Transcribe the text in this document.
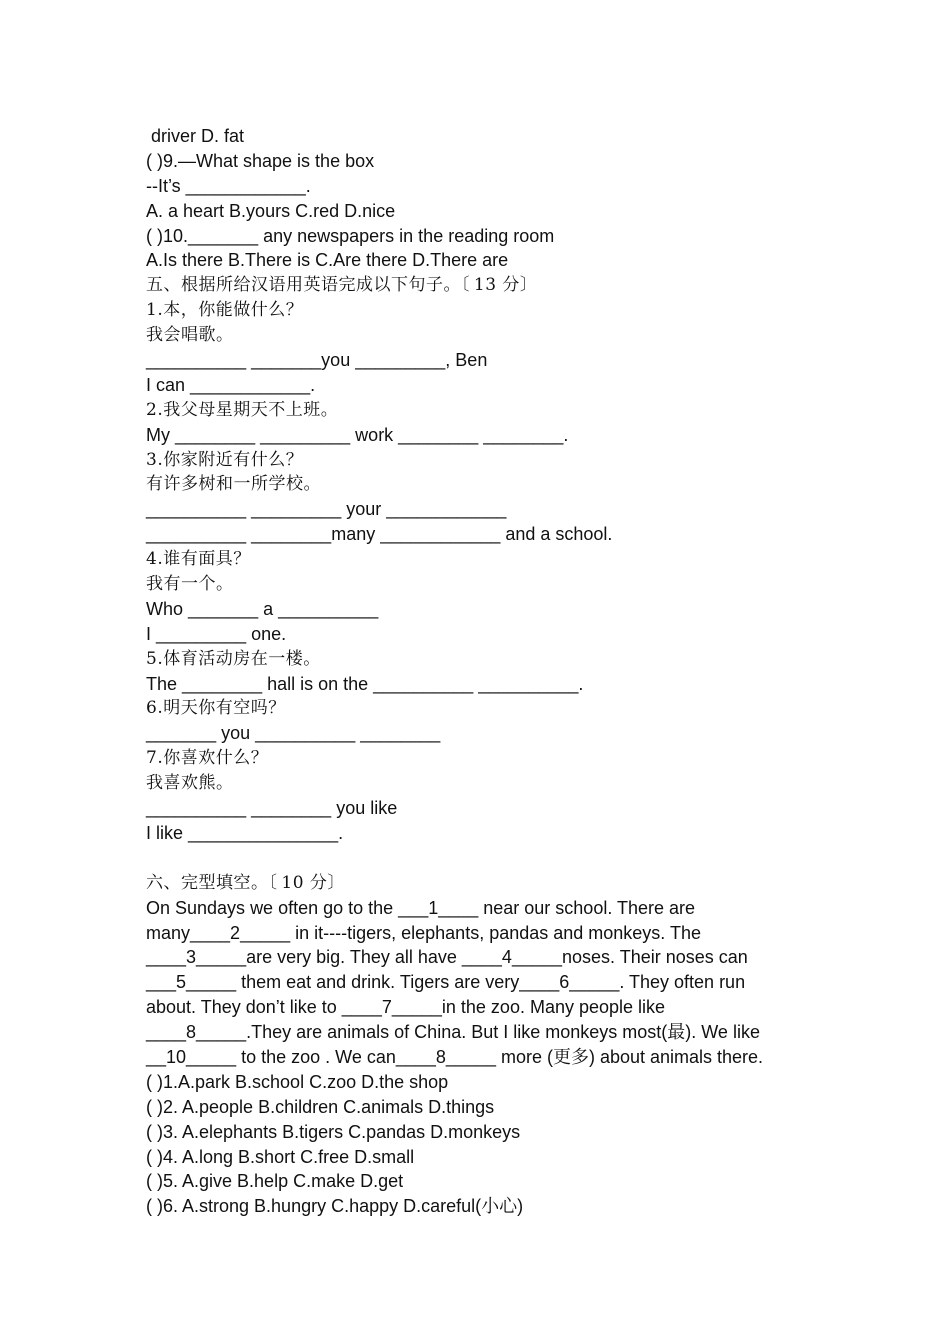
driver D. fat
( )9.—What shape is the box
--It’s ____________.
A. a heart B.yours C.red D.nice
( )10._______ any newspapers in the reading room
A.Is there B.There is C.Are there D.There are
五、根据所给汉语用英语完成以下句子。〔 13 分〕
1.本，你能做什么？
我会唱歌。
__________ _______you _________, Ben
I can ____________.
2.我父母星期天不上班。
My ________ _________ work ________ ________.
3.你家附近有什么？
有许多树和一所学校。
__________ _________ your ____________
__________ ________many ____________ and a school.
4.谁有面具？
我有一个。
Who _______ a __________
I _________ one.
5.体育活动房在一楼。
The ________ hall is on the __________ __________.
6.明天你有空吗？
_______ you __________ ________
7.你喜欢什么？
我喜欢熊。
__________ ________ you like
I like _______________.
六、完型填空。〔 10 分〕
On Sundays we often go to the ___1____ near our school. There are
many____2_____ in it----tigers, elephants, pandas and monkeys. The
____3_____are very big. They all have ____4_____noses. Their noses can
___5_____ them eat and drink. Tigers are very____6_____. They often run
about. They don’t like to ____7_____in the zoo. Many people like
____8_____.They are animals of China. But I like monkeys most(最). We like
__10_____ to the zoo . We can____8_____ more (更多) about animals there.
( )1.A.park B.school C.zoo D.the shop
( )2. A.people B.children C.animals D.things
( )3. A.elephants B.tigers C.pandas D.monkeys
( )4. A.long B.short C.free D.small
( )5. A.give B.help C.make D.get
( )6. A.strong B.hungry C.happy D.careful(小心)
